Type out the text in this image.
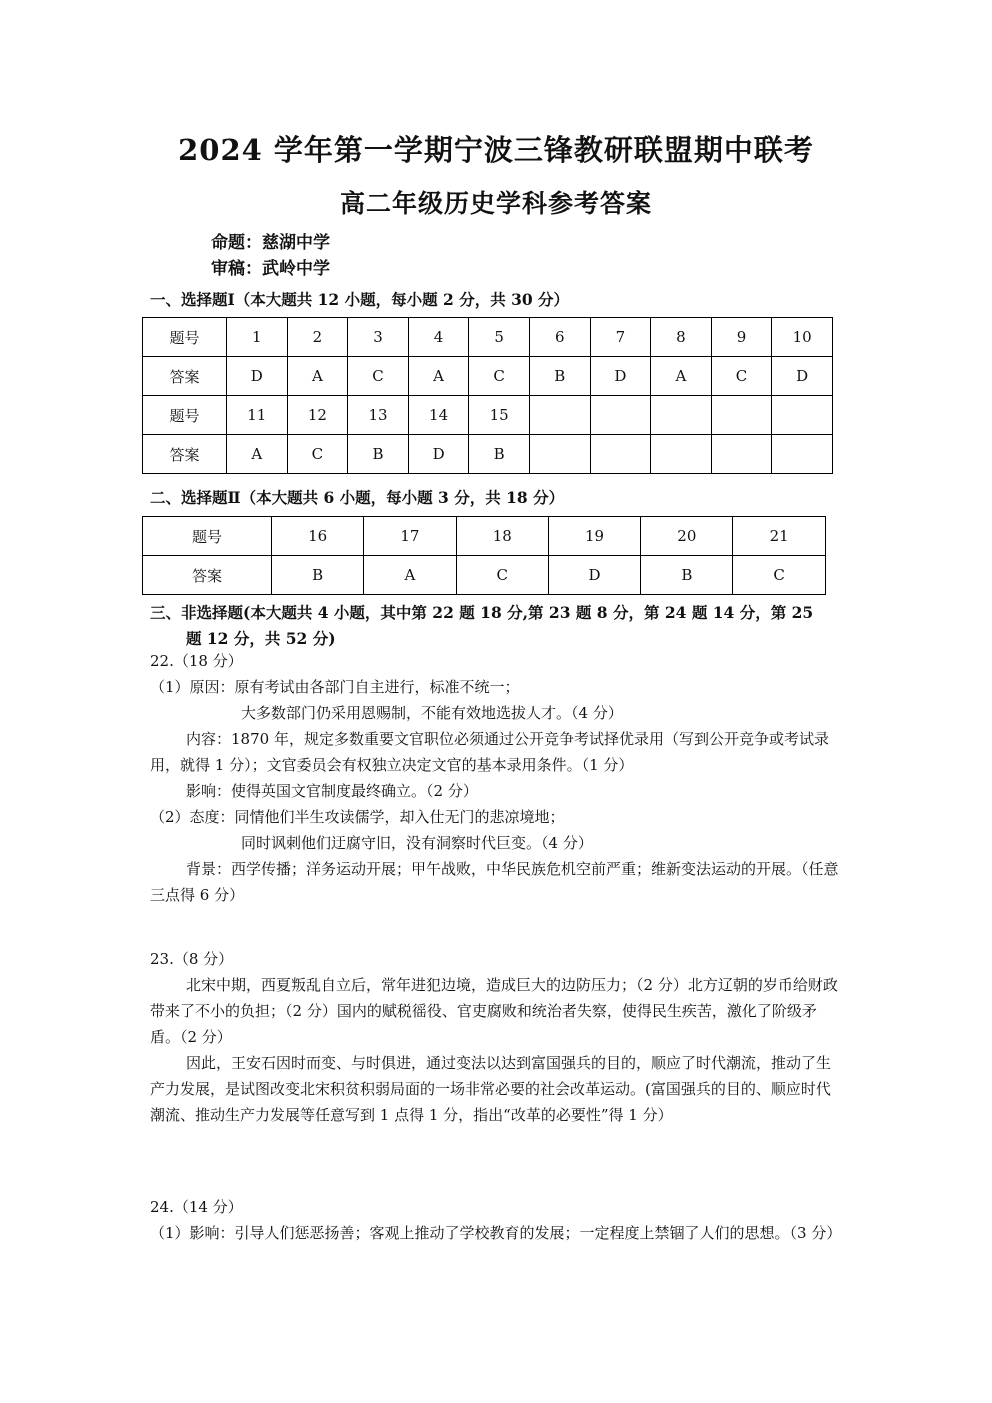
2024 学年第一学期宁波三锋教研联盟期中联考
高二年级历史学科参考答案
命题：慈湖中学
审稿：武岭中学
一、选择题Ⅰ（本大题共 12 小题，每小题 2 分，共 30 分）
题号	1	2	3	4	5	6	7	8	9	10
答案	D	A	C	A	C	B	D	A	C	D
题号	11	12	13	14	15					
答案	A	C	B	D	B					
二、选择题Ⅱ（本大题共 6 小题，每小题 3 分，共 18 分）
题号	16	17	18	19	20	21
答案	B	A	C	D	B	C
三、非选择题(本大题共 4 小题，其中第 22 题 18 分,第 23 题 8 分，第 24 题 14 分，第 25
题 12 分，共 52 分)

22.（18 分）

（1）原因：原有考试由各部门自主进行，标准不统一；

大多数部门仍采用恩赐制，不能有效地选拔人才。（4 分）

内容：1870 年，规定多数重要文官职位必须通过公开竞争考试择优录用（写到公开竞争或考试录用，就得 1 分）；文官委员会有权独立决定文官的基本录用条件。（1 分）

影响：使得英国文官制度最终确立。（2 分）

（2）态度：同情他们半生攻读儒学，却入仕无门的悲凉境地；

同时讽刺他们迂腐守旧，没有洞察时代巨变。（4 分）

背景：西学传播；洋务运动开展；甲午战败，中华民族危机空前严重；维新变法运动的开展。（任意三点得 6 分）

23.（8 分）

北宋中期，西夏叛乱自立后，常年进犯边境，造成巨大的边防压力；（2 分）北方辽朝的岁币给财政带来了不小的负担；（2 分）国内的赋税徭役、官吏腐败和统治者失察，使得民生疾苦，激化了阶级矛盾。（2 分）

因此，王安石因时而变、与时俱进，通过变法以达到富国强兵的目的，顺应了时代潮流，推动了生产力发展，是试图改变北宋积贫积弱局面的一场非常必要的社会改革运动。(富国强兵的目的、顺应时代潮流、推动生产力发展等任意写到 1 点得 1 分，指出“改革的必要性”得 1 分）

24.（14 分）

（1）影响：引导人们惩恶扬善；客观上推动了学校教育的发展；一定程度上禁锢了人们的思想。（3 分）
